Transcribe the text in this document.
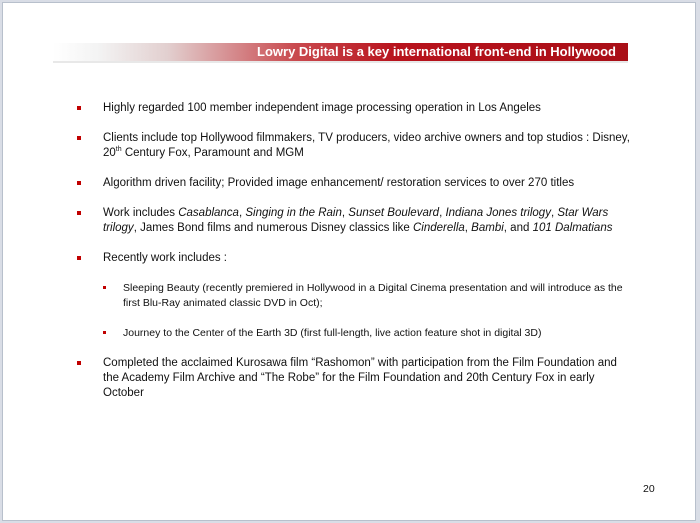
Lowry Digital is a key international front-end in Hollywood
Highly regarded 100 member independent image processing operation in Los Angeles
Clients include top Hollywood filmmakers, TV producers, video archive owners and top studios : Disney, 20th Century Fox, Paramount and MGM
Algorithm driven facility; Provided image enhancement/ restoration services to over 270 titles
Work includes Casablanca, Singing in the Rain, Sunset Boulevard, Indiana Jones trilogy, Star Wars trilogy, James Bond films and numerous Disney classics like Cinderella, Bambi, and 101 Dalmatians
Recently work includes :
Sleeping Beauty (recently premiered in Hollywood in a Digital Cinema presentation and will introduce as the first Blu-Ray animated classic DVD in Oct);
Journey to the Center of the Earth 3D (first full-length, live action feature shot in digital 3D)
Completed the acclaimed Kurosawa film “Rashomon” with participation from the Film Foundation and the Academy Film Archive and “The Robe” for the Film Foundation and 20th Century Fox in early October
20
